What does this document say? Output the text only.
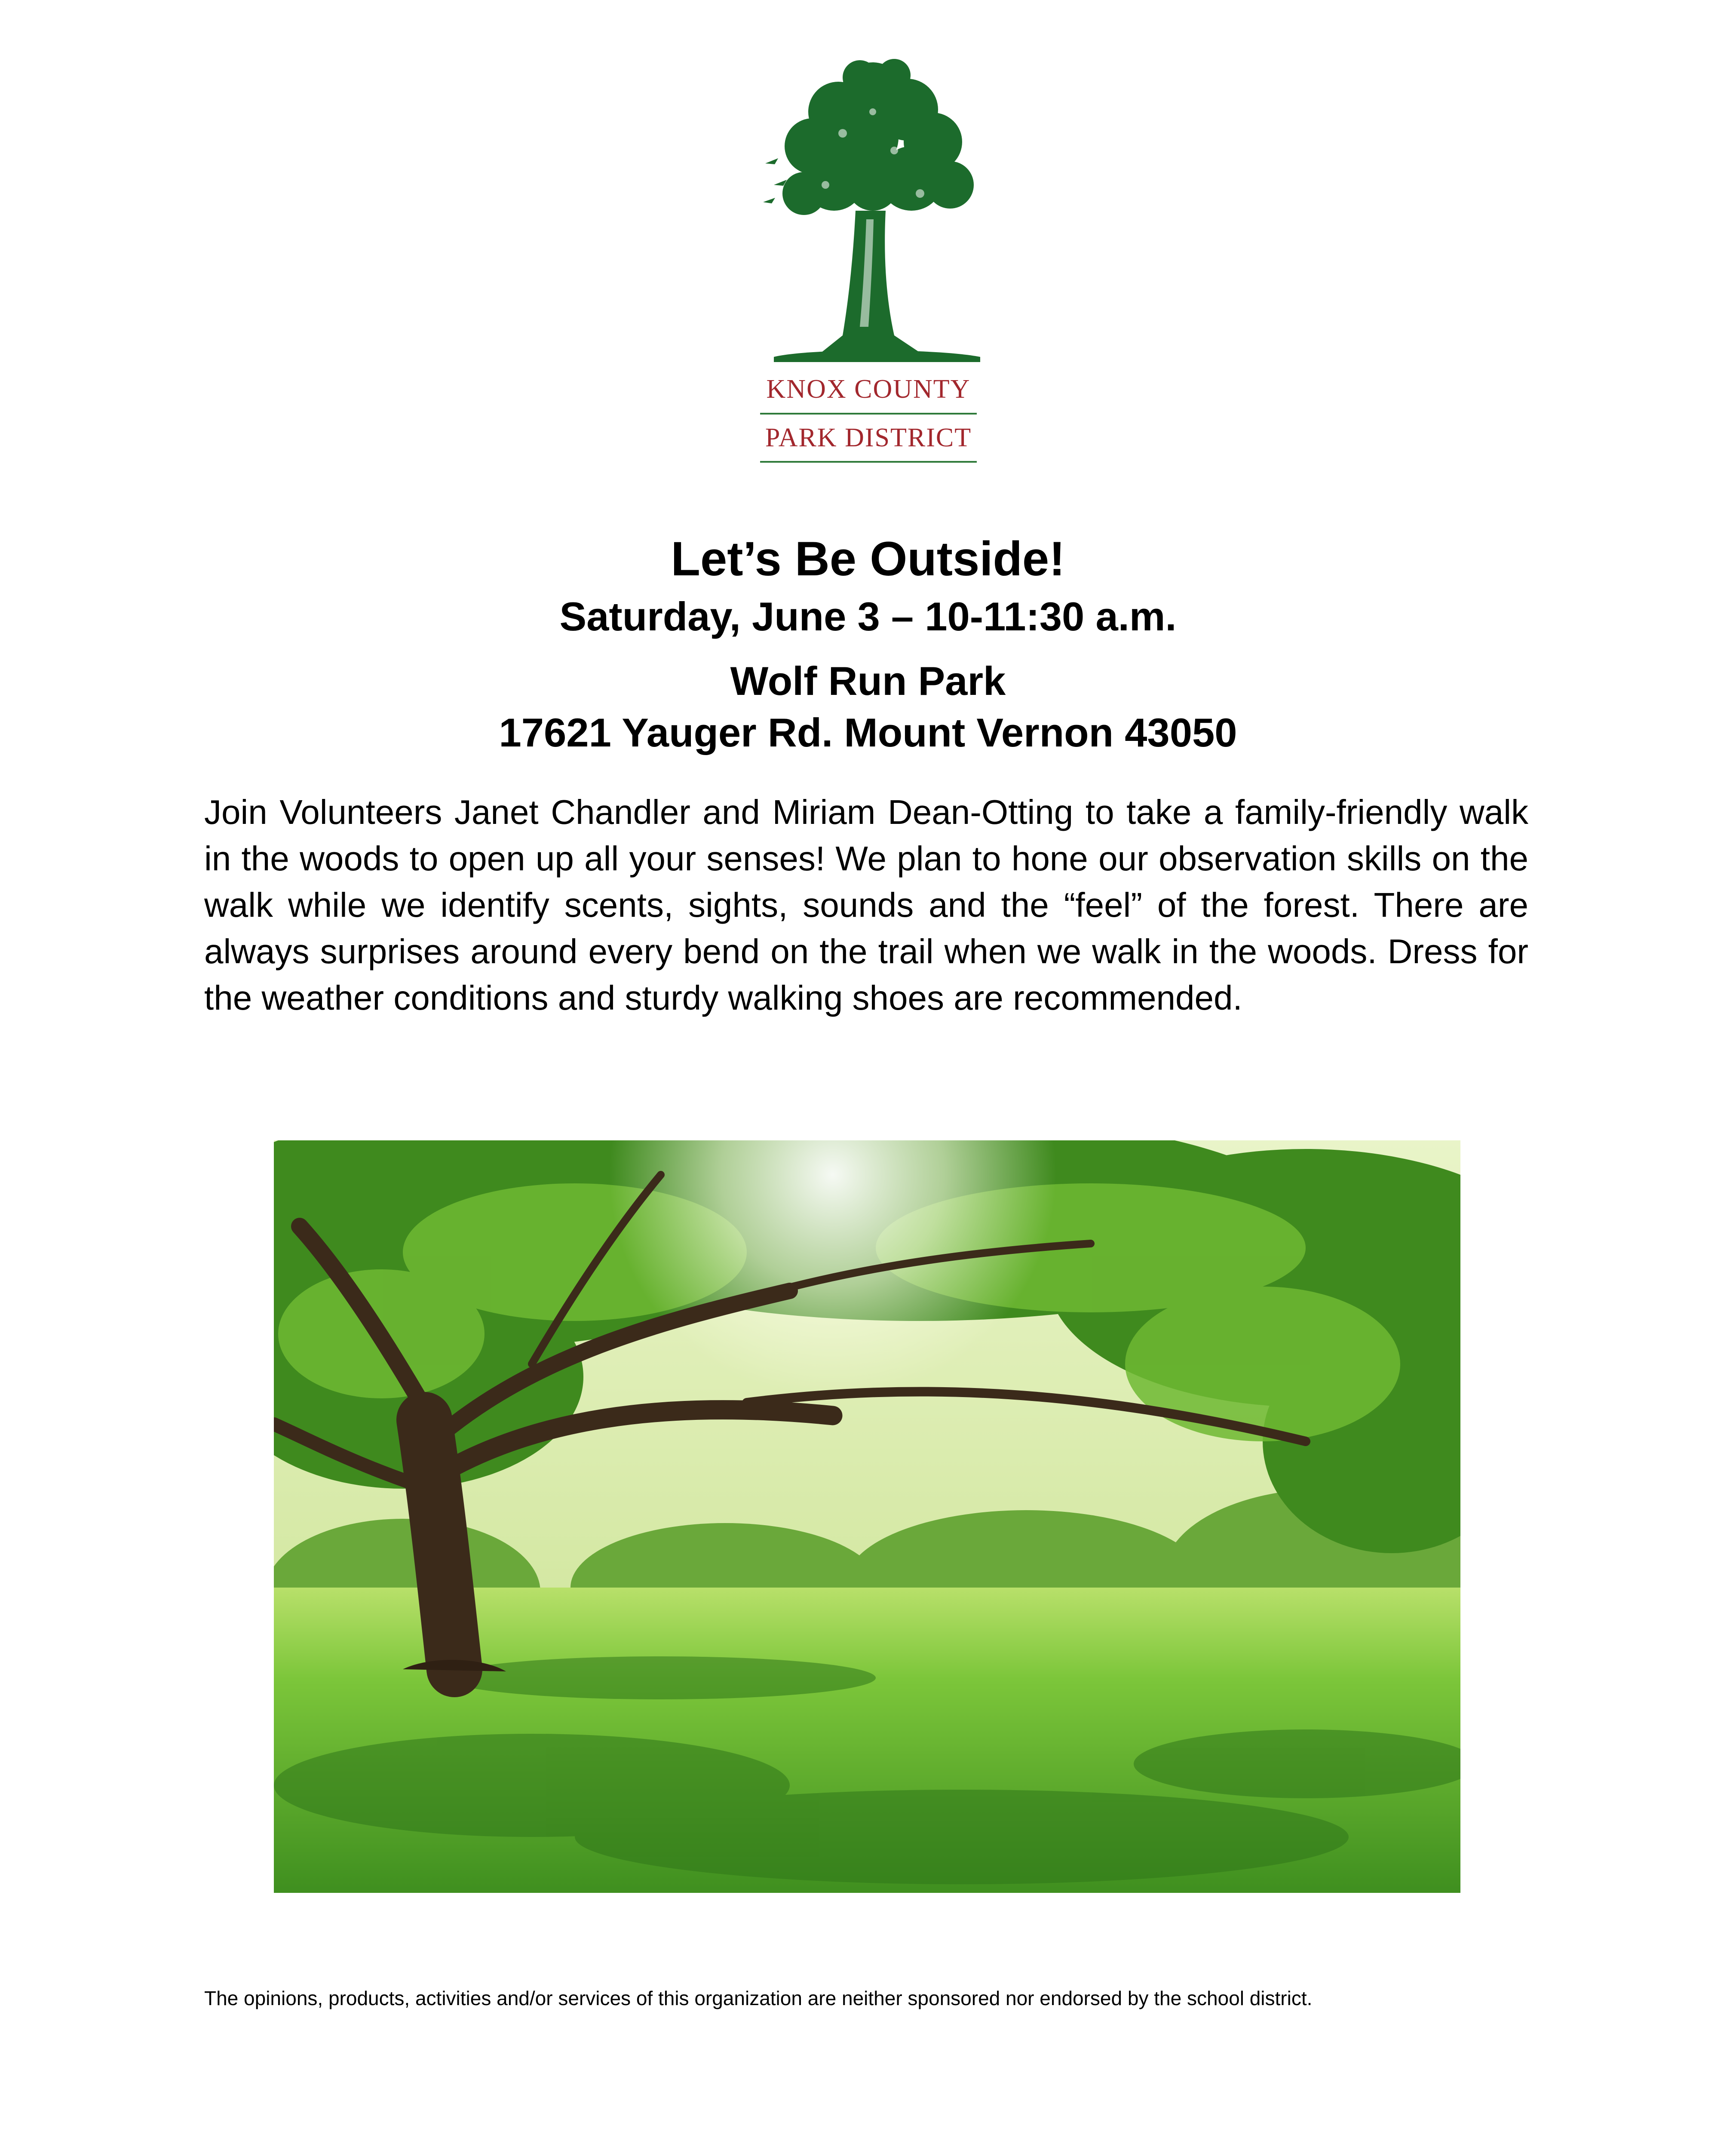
KNOX COUNTY
PARK DISTRICT
Let’s Be Outside!
Saturday, June 3 – 10-11:30 a.m.
Wolf Run Park
17621 Yauger Rd. Mount Vernon 43050
Join Volunteers Janet Chandler and Miriam Dean-Otting to take a family-friendly walk in the woods to open up all your senses! We plan to hone our observation skills on the walk while we identify scents, sights, sounds and the “feel” of the forest. There are always surprises around every bend on the trail when we walk in the woods. Dress for the weather conditions and sturdy walking shoes are recommended.
The opinions, products, activities and/or services of this organization are neither sponsored nor endorsed by the school district.
